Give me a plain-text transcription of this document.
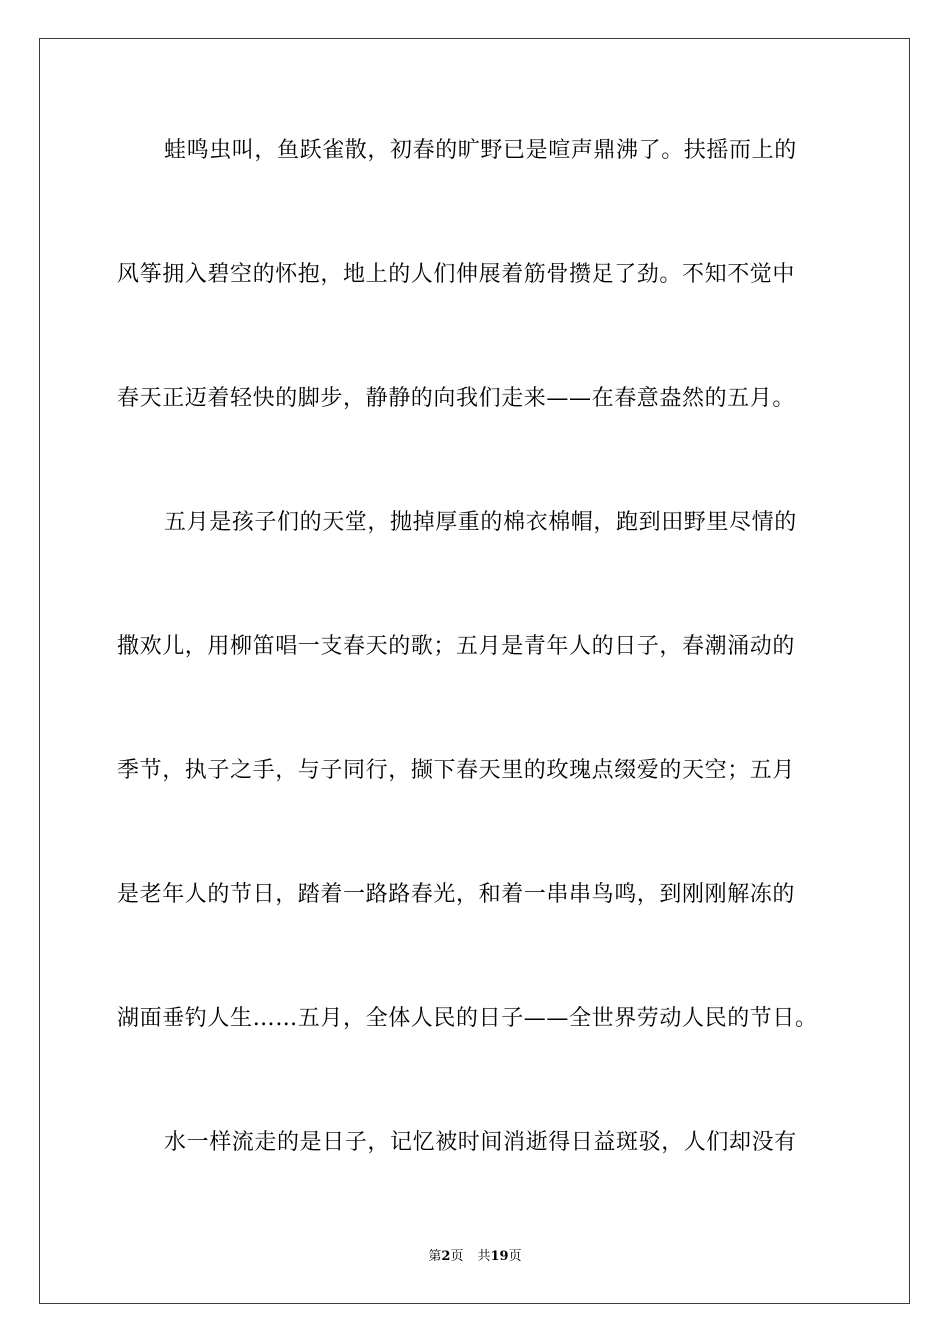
蛙鸣虫叫，鱼跃雀散，初春的旷野已是喧声鼎沸了。扶摇而上的
风筝拥入碧空的怀抱，地上的人们伸展着筋骨攒足了劲。不知不觉中
春天正迈着轻快的脚步，静静的向我们走来——在春意盎然的五月。
五月是孩子们的天堂，抛掉厚重的棉衣棉帽，跑到田野里尽情的
撒欢儿，用柳笛唱一支春天的歌；五月是青年人的日子，春潮涌动的
季节，执子之手，与子同行，撷下春天里的玫瑰点缀爱的天空；五月
是老年人的节日，踏着一路路春光，和着一串串鸟鸣，到刚刚解冻的
湖面垂钓人生……五月，全体人民的日子——全世界劳动人民的节日。
水一样流走的是日子，记忆被时间消逝得日益斑驳，人们却没有
第2页 共19页
